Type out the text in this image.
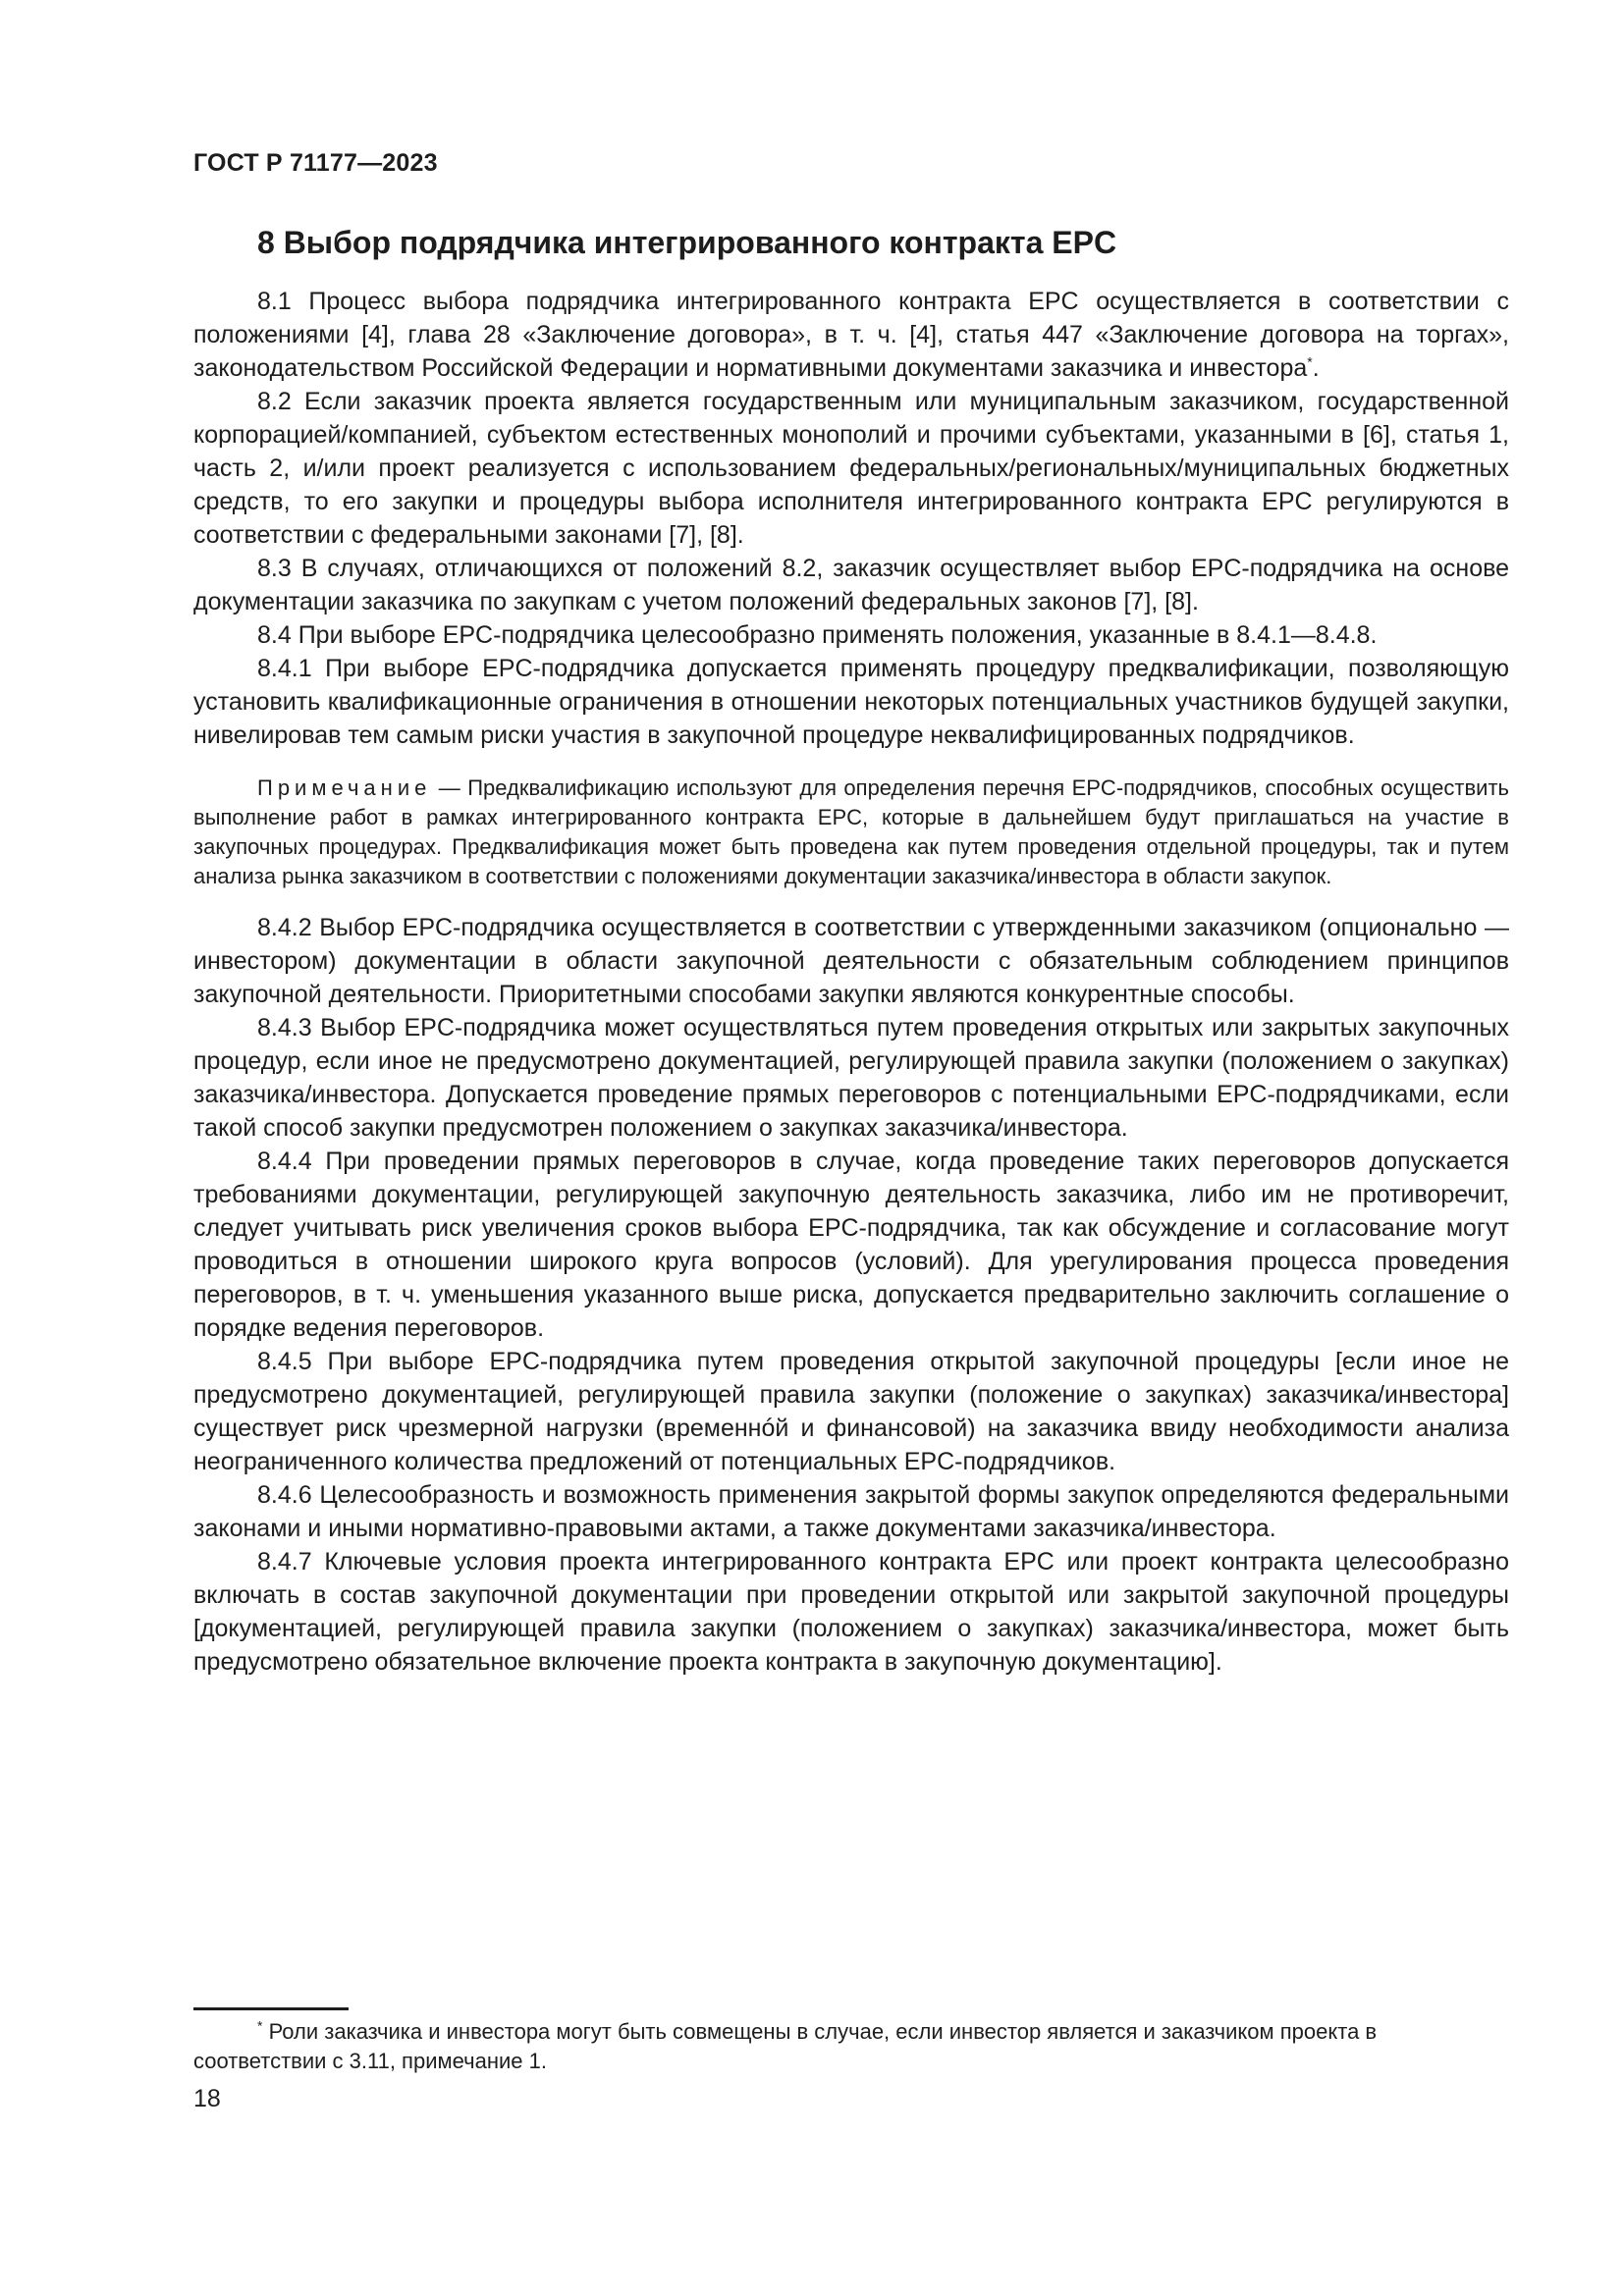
ГОСТ Р 71177—2023
8 Выбор подрядчика интегрированного контракта EPC

8.1 Процесс выбора подрядчика интегрированного контракта EPC осуществляется в соответствии с положениями [4], глава 28 «Заключение договора», в т. ч. [4], статья 447 «Заключение договора на торгах», законодательством Российской Федерации и нормативными документами заказчика и инвестора*.

8.2 Если заказчик проекта является государственным или муниципальным заказчиком, государственной корпорацией/компанией, субъектом естественных монополий и прочими субъектами, указанными в [6], статья 1, часть 2, и/или проект реализуется с использованием федеральных/региональных/муниципальных бюджетных средств, то его закупки и процедуры выбора исполнителя интегрированного контракта EPC регулируются в соответствии с федеральными законами [7], [8].

8.3 В случаях, отличающихся от положений 8.2, заказчик осуществляет выбор EPC-подрядчика на основе документации заказчика по закупкам с учетом положений федеральных законов [7], [8].

8.4 При выборе EPC-подрядчика целесообразно применять положения, указанные в 8.4.1—8.4.8.

8.4.1 При выборе EPC-подрядчика допускается применять процедуру предквалификации, позволяющую установить квалификационные ограничения в отношении некоторых потенциальных участников будущей закупки, нивелировав тем самым риски участия в закупочной процедуре неквалифицированных подрядчиков.

Примечание — Предквалификацию используют для определения перечня EPC-подрядчиков, способных осуществить выполнение работ в рамках интегрированного контракта EPC, которые в дальнейшем будут приглашаться на участие в закупочных процедурах. Предквалификация может быть проведена как путем проведения отдельной процедуры, так и путем анализа рынка заказчиком в соответствии с положениями документации заказчика/инвестора в области закупок.

8.4.2 Выбор EPC-подрядчика осуществляется в соответствии с утвержденными заказчиком (опционально — инвестором) документации в области закупочной деятельности с обязательным соблюдением принципов закупочной деятельности. Приоритетными способами закупки являются конкурентные способы.

8.4.3 Выбор EPC-подрядчика может осуществляться путем проведения открытых или закрытых закупочных процедур, если иное не предусмотрено документацией, регулирующей правила закупки (положением о закупках) заказчика/инвестора. Допускается проведение прямых переговоров с потенциальными EPC-подрядчиками, если такой способ закупки предусмотрен положением о закупках заказчика/инвестора.

8.4.4 При проведении прямых переговоров в случае, когда проведение таких переговоров допускается требованиями документации, регулирующей закупочную деятельность заказчика, либо им не противоречит, следует учитывать риск увеличения сроков выбора EPC-подрядчика, так как обсуждение и согласование могут проводиться в отношении широкого круга вопросов (условий). Для урегулирования процесса проведения переговоров, в т. ч. уменьшения указанного выше риска, допускается предварительно заключить соглашение о порядке ведения переговоров.

8.4.5 При выборе EPC-подрядчика путем проведения открытой закупочной процедуры [если иное не предусмотрено документацией, регулирующей правила закупки (положение о закупках) заказчика/инвестора] существует риск чрезмерной нагрузки (временнóй и финансовой) на заказчика ввиду необходимости анализа неограниченного количества предложений от потенциальных EPC-подрядчиков.

8.4.6 Целесообразность и возможность применения закрытой формы закупок определяются федеральными законами и иными нормативно-правовыми актами, а также документами заказчика/инвестора.

8.4.7 Ключевые условия проекта интегрированного контракта EPC или проект контракта целесообразно включать в состав закупочной документации при проведении открытой или закрытой закупочной процедуры [документацией, регулирующей правила закупки (положением о закупках) заказчика/инвестора, может быть предусмотрено обязательное включение проекта контракта в закупочную документацию].

* Роли заказчика и инвестора могут быть совмещены в случае, если инвестор является и заказчиком проекта в соответствии с 3.11, примечание 1.

18
